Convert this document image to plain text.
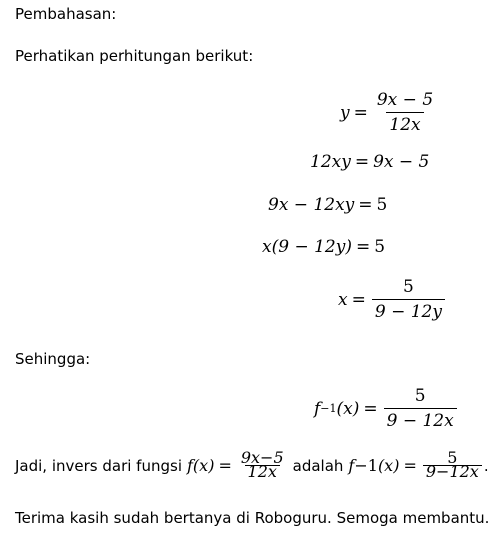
Pembahasan:
Perhatikan perhitungan berikut:
$y = \frac{9x - 5}{12x}$
12xy = 9x − 5
9x − 12xy = 5
x(9 − 12y) = 5
$x = \frac{5}{9 - 12y}$
Sehingga:
f −1 $(x) = \frac{5}{9 - 12x}$
Jadi, invers dari fungsi $f(x) = \frac{9x-5}{12x}$ adalah f −1 $(x) = \frac{5}{9-12x}$ .
Terima kasih sudah bertanya di Roboguru. Semoga membantu.
